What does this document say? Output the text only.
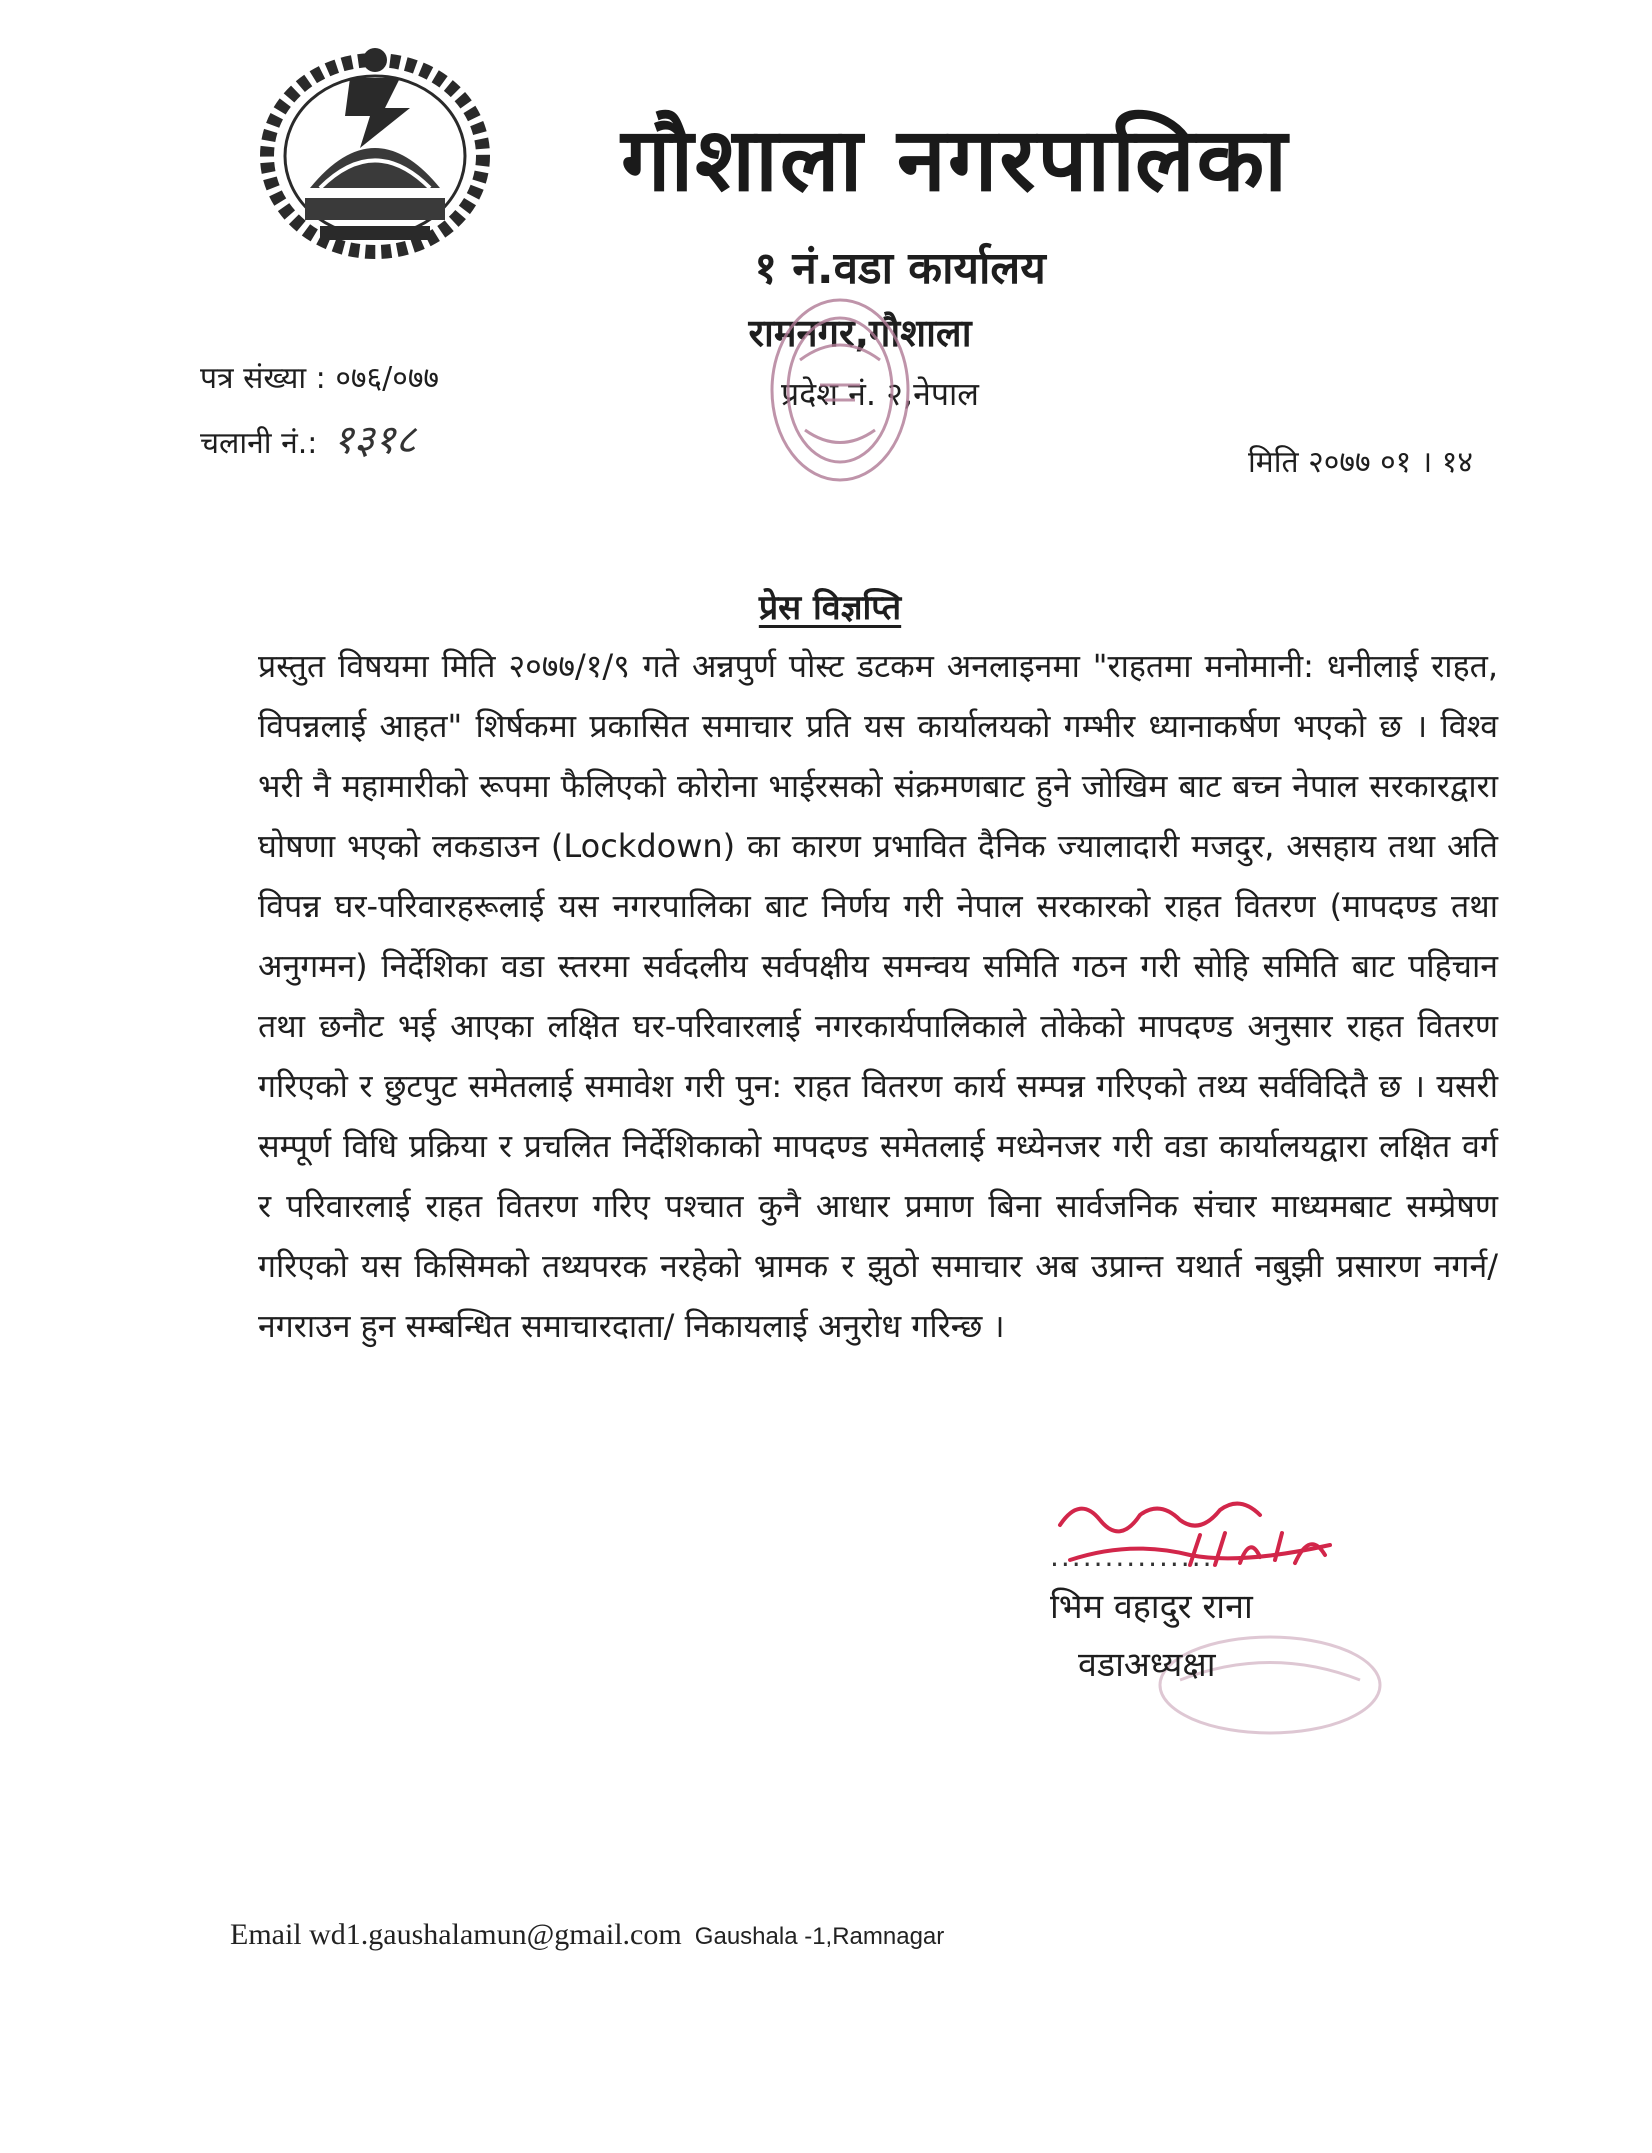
गौशाला नगरपालिका
१ नं.वडा कार्यालय
रामनगर,गौशाला
प्रदेश नं. २,नेपाल
पत्र संख्या : ०७६/०७७
चलानी नं.: १३१८	मिति २०७७ ०१ । १४
प्रेस विज्ञप्ति
प्रस्तुत विषयमा मिति २०७७/१/९ गते अन्नपुर्ण पोस्ट डटकम अनलाइनमा "राहतमा मनोमानी: धनीलाई राहत, विपन्नलाई आहत" शिर्षकमा प्रकासित समाचार प्रति यस कार्यालयको गम्भीर ध्यानाकर्षण भएको छ । विश्व भरी नै महामारीको रूपमा फैलिएको कोरोना भाईरसको संक्रमणबाट हुने जोखिम बाट बच्न नेपाल सरकारद्वारा घोषणा भएको लकडाउन (Lockdown) का कारण प्रभावित दैनिक ज्यालादारी मजदुर, असहाय तथा अति विपन्न घर-परिवारहरूलाई यस नगरपालिका बाट निर्णय गरी नेपाल सरकारको राहत वितरण (मापदण्ड तथा अनुगमन) निर्देशिका वडा स्तरमा सर्वदलीय सर्वपक्षीय समन्वय समिति गठन गरी सोहि समिति बाट पहिचान तथा छनौट भई आएका लक्षित घर-परिवारलाई नगरकार्यपालिकाले तोकेको मापदण्ड अनुसार राहत वितरण गरिएको र छुटपुट समेतलाई समावेश गरी पुन: राहत वितरण कार्य सम्पन्न गरिएको तथ्य सर्वविदितै छ । यसरी सम्पूर्ण विधि प्रक्रिया र प्रचलित निर्देशिकाको मापदण्ड समेतलाई मध्येनजर गरी वडा कार्यालयद्वारा लक्षित वर्ग र परिवारलाई राहत वितरण गरिए पश्चात कुनै आधार प्रमाण बिना सार्वजनिक संचार माध्यमबाट सम्प्रेषण गरिएको यस किसिमको तथ्यपरक नरहेको भ्रामक र झुठो समाचार अब उप्रान्त यथार्त नबुझी प्रसारण नगर्न/ नगराउन हुन सम्बन्धित समाचारदाता/ निकायलाई अनुरोध गरिन्छ ।
...............
भिम वहादुर राना
वडाअध्यक्षा
Email wd1.gaushalamun@gmail.com Gaushala -1,Ramnagar
